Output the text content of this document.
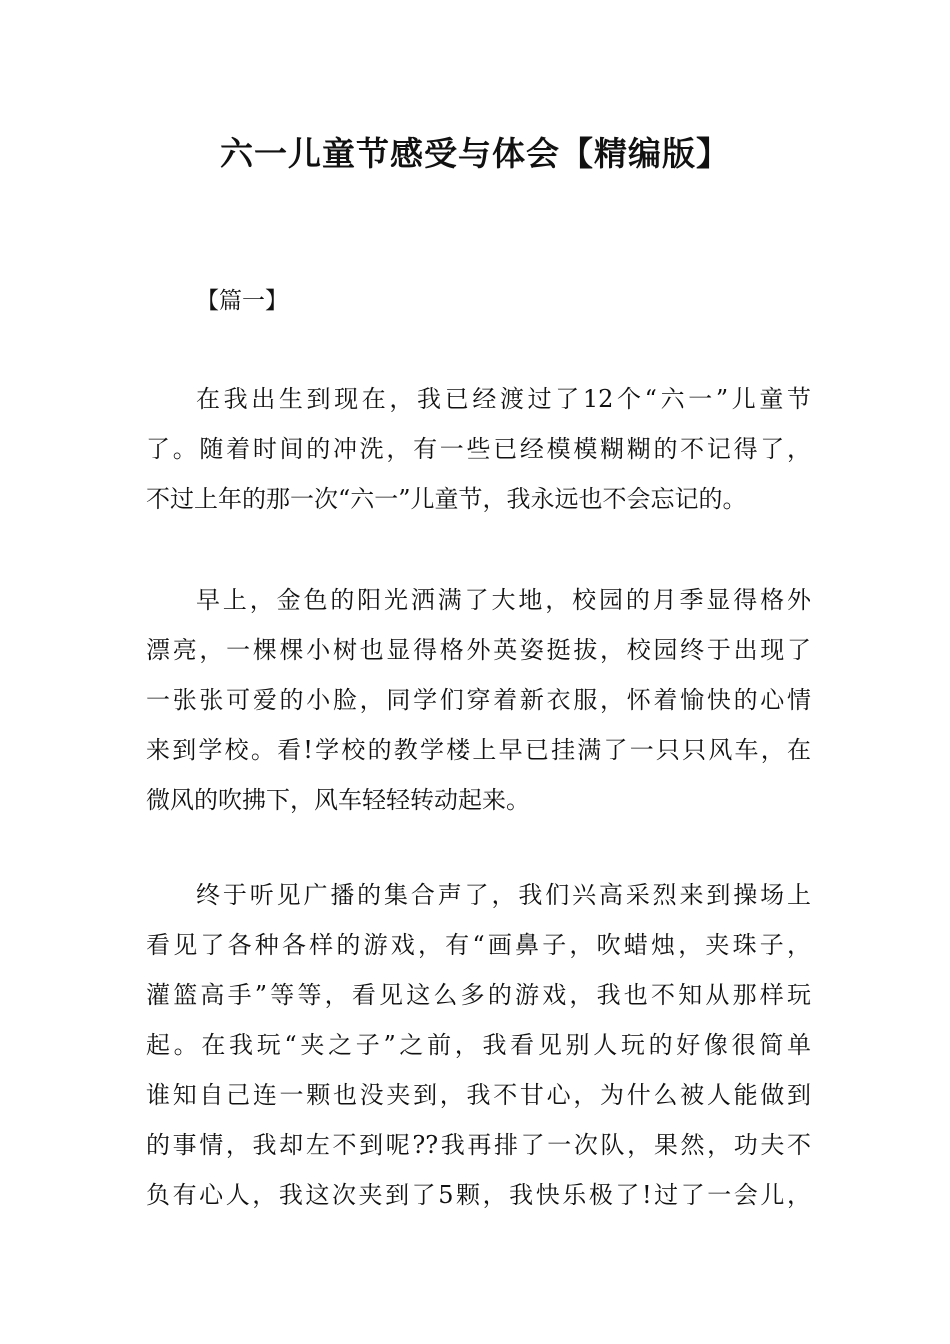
六一儿童节感受与体会【精编版】
【篇一】
在我出生到现在，我已经渡过了12个“六一”儿童节
了。随着时间的冲洗，有一些已经模模糊糊的不记得了，
不过上年的那一次“六一”儿童节，我永远也不会忘记的。
早上，金色的阳光洒满了大地，校园的月季显得格外
漂亮，一棵棵小树也显得格外英姿挺拔，校园终于出现了
一张张可爱的小脸，同学们穿着新衣服，怀着愉快的心情
来到学校。看!学校的教学楼上早已挂满了一只只风车，在
微风的吹拂下，风车轻轻转动起来。
终于听见广播的集合声了，我们兴高采烈来到操场上
看见了各种各样的游戏，有“画鼻子，吹蜡烛，夹珠子，
灌篮高手”等等，看见这么多的游戏，我也不知从那样玩
起。在我玩“夹之子”之前，我看见别人玩的好像很简单
谁知自己连一颗也没夹到，我不甘心，为什么被人能做到
的事情，我却左不到呢??我再排了一次队，果然，功夫不
负有心人，我这次夹到了5颗，我快乐极了!过了一会儿，
